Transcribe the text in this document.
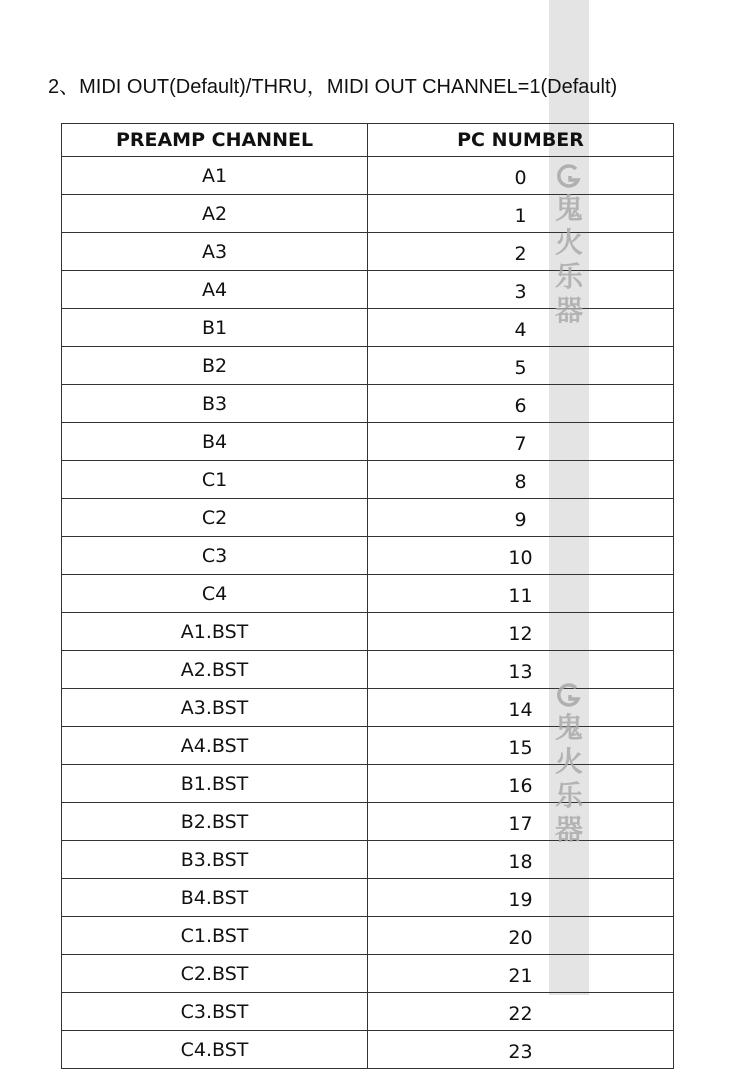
2、MIDI OUT(Default)/THRU，MIDI OUT CHANNEL=1(Default)
PREAMP CHANNEL	PC NUMBER
A1	0
A2	1
A3	2
A4	3
B1	4
B2	5
B3	6
B4	7
C1	8
C2	9
C3	10
C4	11
A1.BST	12
A2.BST	13
A3.BST	14
A4.BST	15
B1.BST	16
B2.BST	17
B3.BST	18
B4.BST	19
C1.BST	20
C2.BST	21
C3.BST	22
C4.BST	23
鬼
火
乐
器
鬼
火
乐
器
